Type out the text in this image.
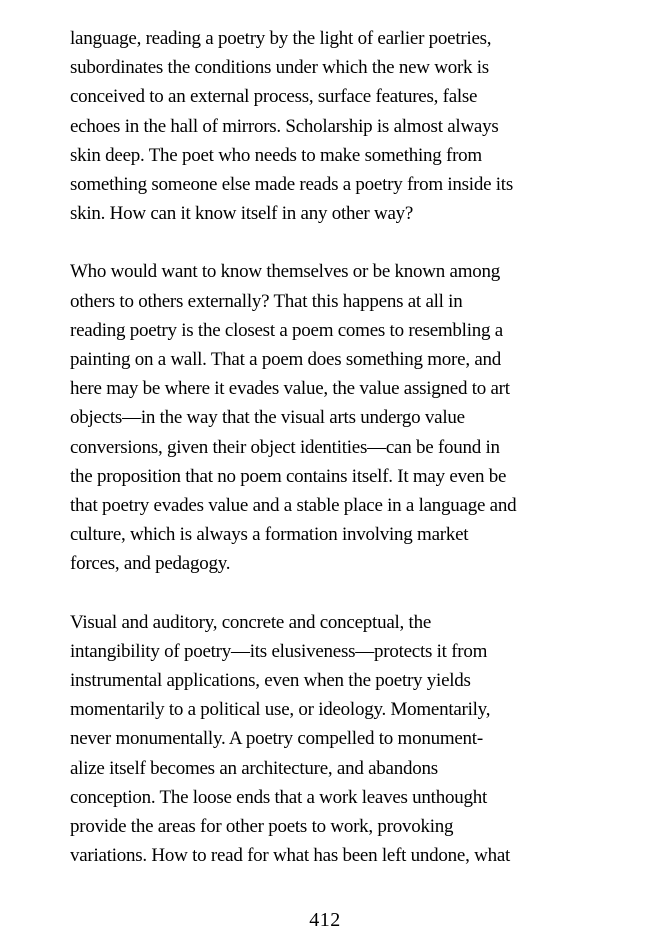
language, reading a poetry by the light of earlier poetries,
subordinates the conditions under which the new work is
conceived to an external process, surface features, false
echoes in the hall of mirrors. Scholarship is almost always
skin deep. The poet who needs to make something from
something someone else made reads a poetry from inside its
skin. How can it know itself in any other way?
Who would want to know themselves or be known among
others to others externally? That this happens at all in
reading poetry is the closest a poem comes to resembling a
painting on a wall. That a poem does something more, and
here may be where it evades value, the value assigned to art
objects—in the way that the visual arts undergo value
conversions, given their object identities—can be found in
the proposition that no poem contains itself. It may even be
that poetry evades value and a stable place in a language and
culture, which is always a formation involving market
forces, and pedagogy.
Visual and auditory, concrete and conceptual, the
intangibility of poetry—its elusiveness—protects it from
instrumental applications, even when the poetry yields
momentarily to a political use, or ideology. Momentarily,
never monumentally. A poetry compelled to monument-
alize itself becomes an architecture, and abandons
conception. The loose ends that a work leaves unthought
provide the areas for other poets to work, provoking
variations. How to read for what has been left undone, what
412
